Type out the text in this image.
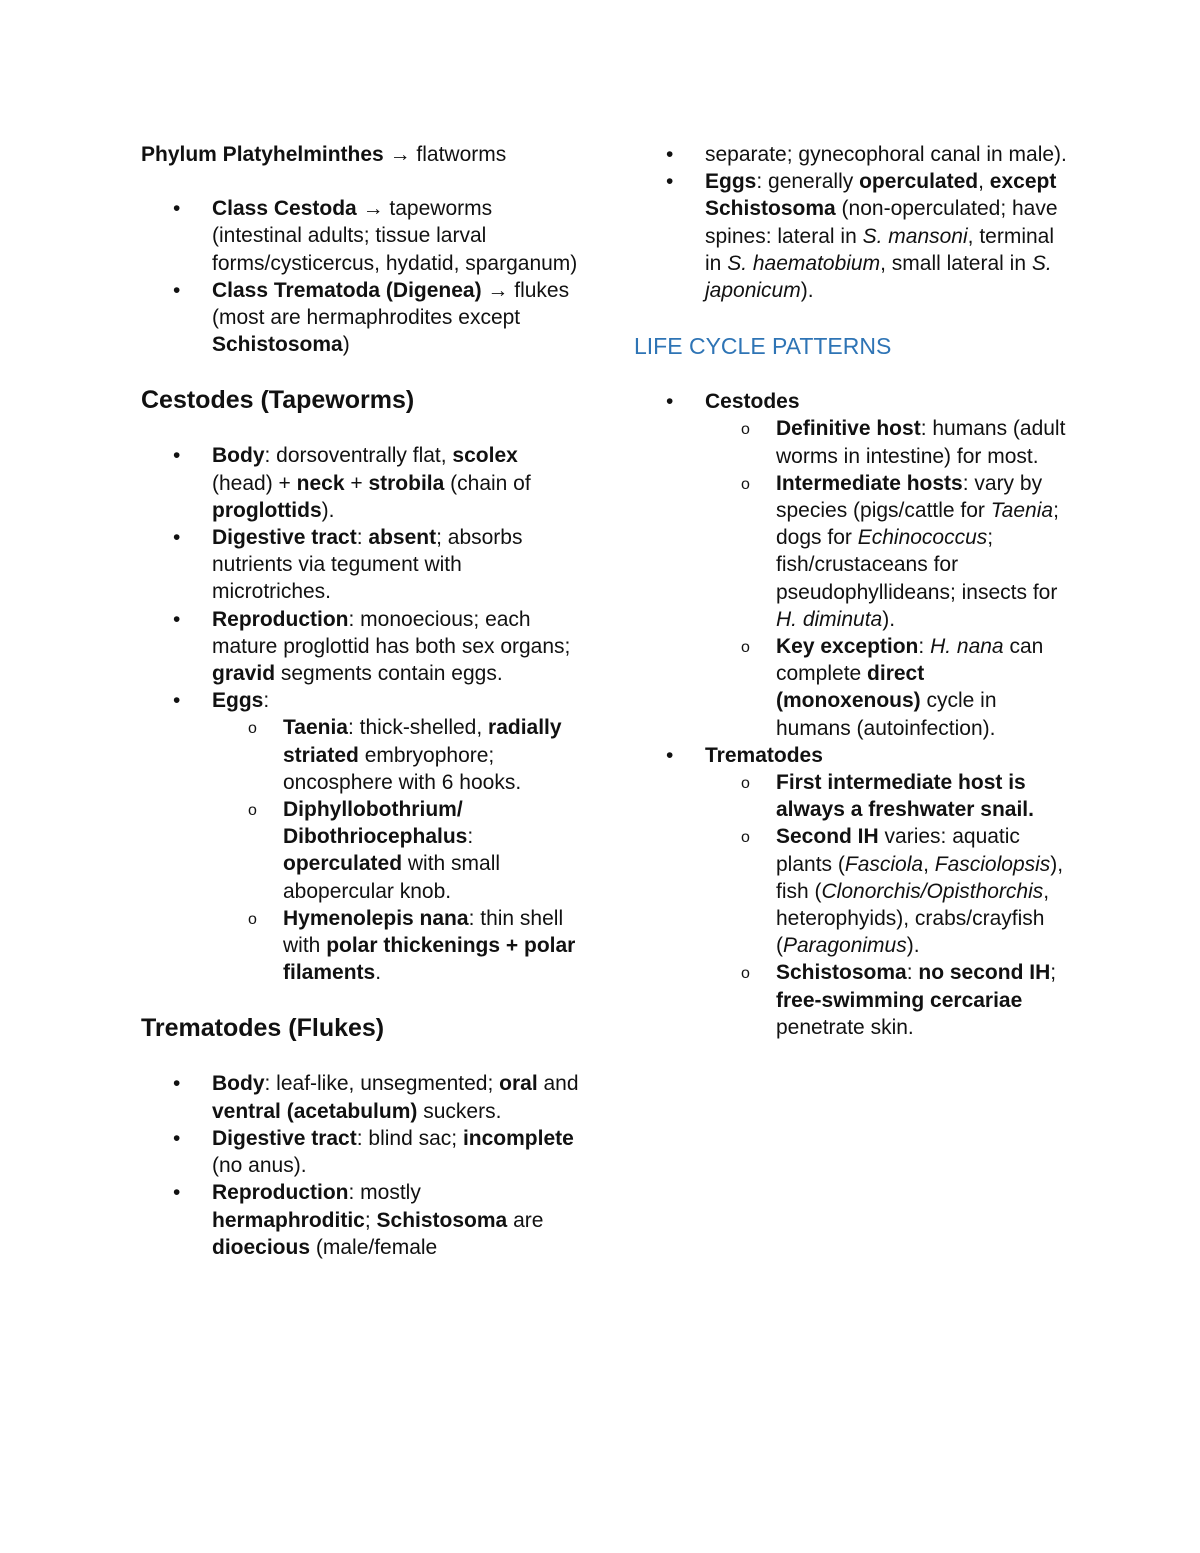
Phylum Platyhelminthes → flatworms

• Class Cestoda → tapeworms (intestinal adults; tissue larval forms/cysticercus, hydatid, sparganum)
• Class Trematoda (Digenea) → flukes (most are hermaphrodites except Schistosoma)
Cestodes (Tapeworms)
• Body: dorsoventrally flat, scolex (head) + neck + strobila (chain of proglottids).
• Digestive tract: absent; absorbs nutrients via tegument with microtriches.
• Reproduction: monoecious; each mature proglottid has both sex organs; gravid segments contain eggs.
• Eggs:
o Taenia: thick-shelled, radially striated embryophore; oncosphere with 6 hooks.
o Diphyllobothrium/ Dibothriocephalus: operculated with small abopercular knob.
o Hymenolepis nana: thin shell with polar thickenings + polar filaments.
Trematodes (Flukes)
• Body: leaf-like, unsegmented; oral and ventral (acetabulum) suckers.
• Digestive tract: blind sac; incomplete (no anus).
• Reproduction: mostly hermaphroditic; Schistosoma are dioecious (male/female
• separate; gynecophoral canal in male).
• Eggs: generally operculated, except Schistosoma (non-operculated; have spines: lateral in S. mansoni, terminal in S. haematobium, small lateral in S. japonicum).
LIFE CYCLE PATTERNS
• Cestodes
o Definitive host: humans (adult worms in intestine) for most.
o Intermediate hosts: vary by species (pigs/cattle for Taenia; dogs for Echinococcus; fish/crustaceans for pseudophyllideans; insects for H. diminuta).
o Key exception: H. nana can complete direct (monoxenous) cycle in humans (autoinfection).
• Trematodes
o First intermediate host is always a freshwater snail.
o Second IH varies: aquatic plants (Fasciola, Fasciolopsis), fish (Clonorchis/Opisthorchis, heterophyids), crabs/crayfish (Paragonimus).
o Schistosoma: no second IH; free-swimming cercariae penetrate skin.
